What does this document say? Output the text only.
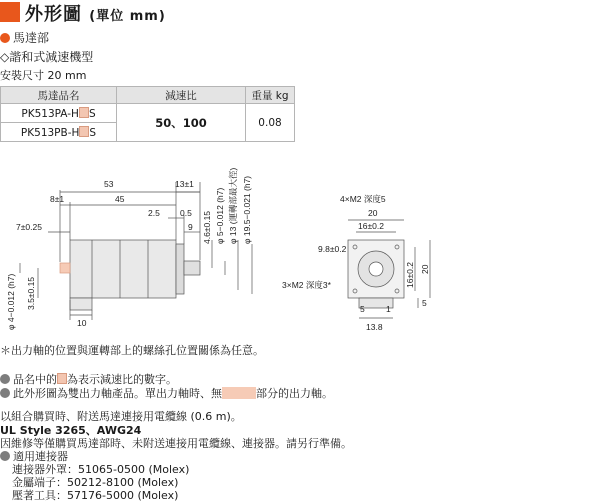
外形圖 (單位 mm)
馬達部
◇諧和式減速機型
安裝尺寸 20 mm
馬達品名	減速比	重量 kg
PK513PA-H S	50、100	0.08
PK513PB-H S		
53	13±1
8±1	45
2.5 0.5
9
7±0.25
10
φ 4−0.012 (h7) 3.5±0.15
4.6±0.15 φ 5−0.012 (h7) φ 13 (運轉部最大徑) φ 19.5−0.021 (h7)	4×M2 深度5
20
16±0.2
9.8±0.2
16±0.2 20
3×M2 深度3*
5
5	1
13.8
＊出力軸的位置與運轉部上的螺絲孔位置關係為任意。
品名中的 為表示減速比的數字。
此外形圖為雙出力軸產品。單出力軸時、無	部分的出力軸。
以組合購買時、附送馬達連接用電纜線 (0.6 m)。
UL Style 3265、AWG24
因維修等僅購買馬達部時、未附送連接用電纜線、連接器。請另行準備。
適用連接器
連接器外罩：51065-0500 (Molex)
金屬端子：50212-8100 (Molex)
壓著工具：57176-5000 (Molex)
